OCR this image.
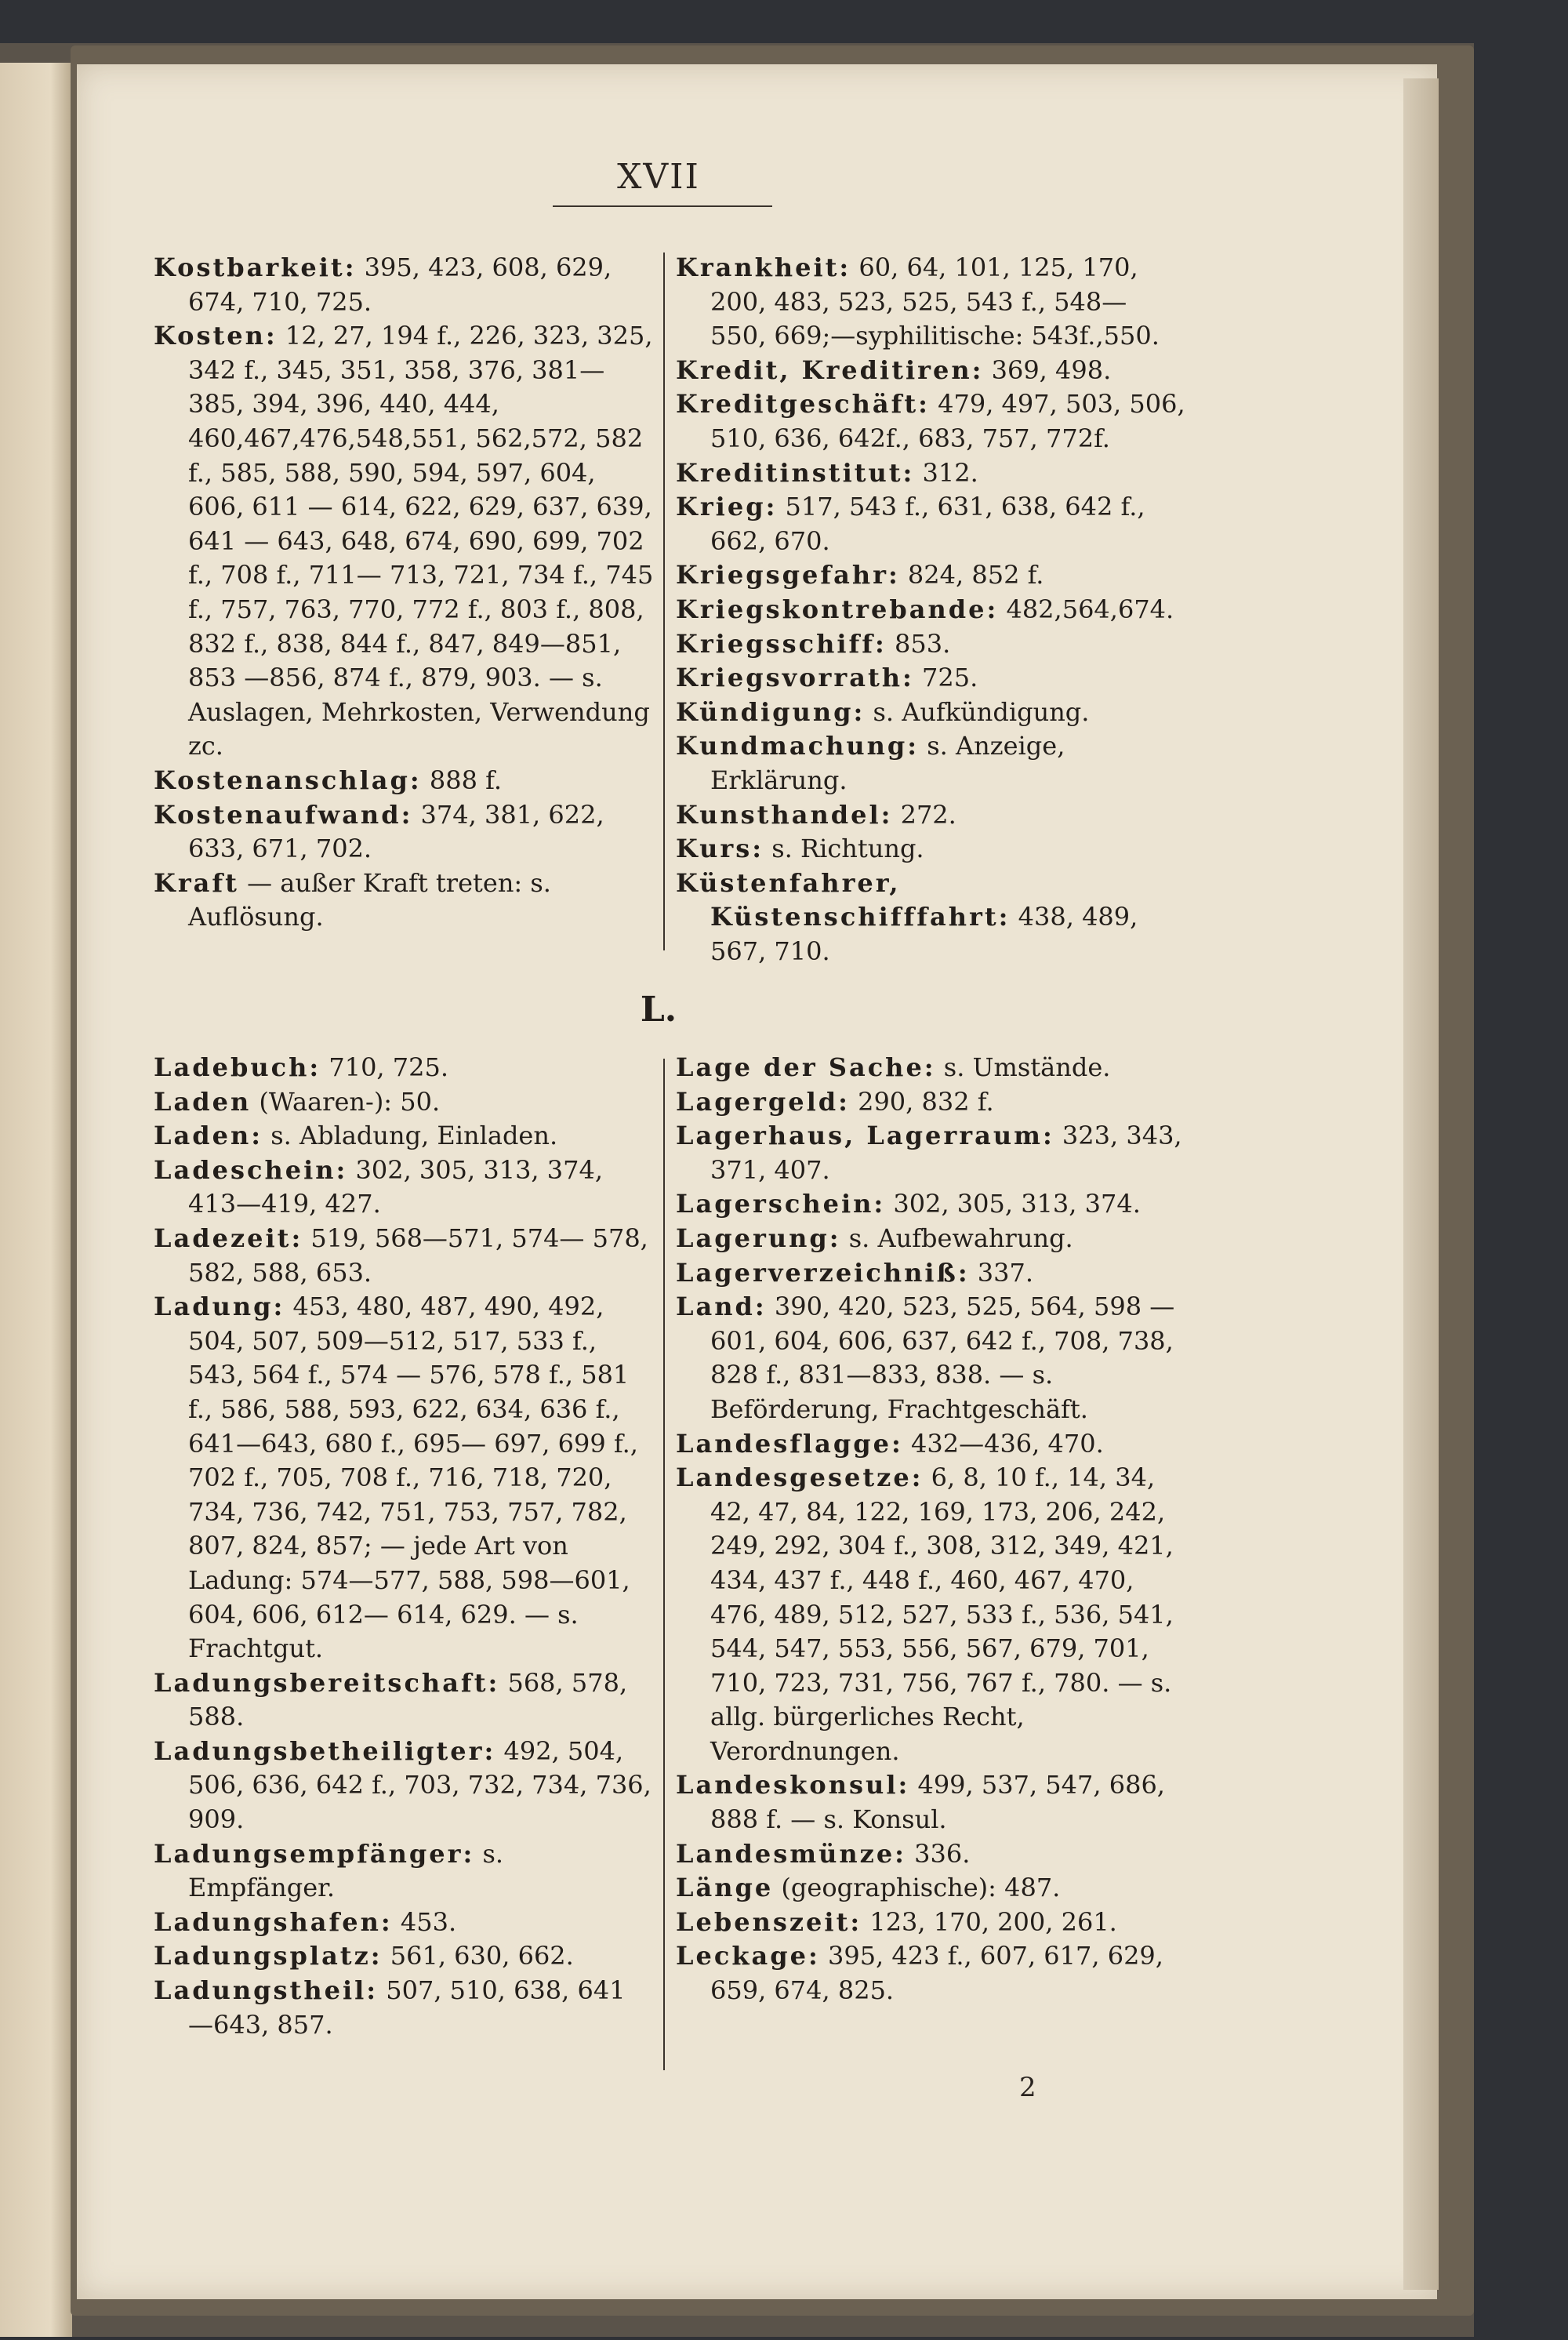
XVII

Kostbarkeit: 395, 423, 608, 629, 674, 710, 725.

Kosten: 12, 27, 194 f., 226, 323, 325, 342 f., 345, 351, 358, 376, 381—385, 394, 396, 440, 444, 460,467,476,548,551, 562,572, 582 f., 585, 588, 590, 594, 597, 604, 606, 611 — 614, 622, 629, 637, 639, 641 — 643, 648, 674, 690, 699, 702 f., 708 f., 711— 713, 721, 734 f., 745 f., 757, 763, 770, 772 f., 803 f., 808, 832 f., 838, 844 f., 847, 849—851, 853 —856, 874 f., 879, 903. — s. Auslagen, Mehrkosten, Verwendung zc.

Kostenanschlag: 888 f.

Kostenaufwand: 374, 381, 622, 633, 671, 702.

Kraft — außer Kraft treten: s. Auflösung.

Krankheit: 60, 64, 101, 125, 170, 200, 483, 523, 525, 543 f., 548— 550, 669;—syphilitische: 543f.,550.

Kredit, Kreditiren: 369, 498.

Kreditgeschäft: 479, 497, 503, 506, 510, 636, 642f., 683, 757, 772f.

Kreditinstitut: 312.

Krieg: 517, 543 f., 631, 638, 642 f., 662, 670.

Kriegsgefahr: 824, 852 f.

Kriegskontrebande: 482,564,674.

Kriegsschiff: 853.

Kriegsvorrath: 725.

Kündigung: s. Aufkündigung.

Kundmachung: s. Anzeige, Erklärung.

Kunsthandel: 272.

Kurs: s. Richtung.

Küstenfahrer, Küstenschifffahrt: 438, 489, 567, 710.

L.

Ladebuch: 710, 725.

Laden (Waaren-): 50.

Laden: s. Abladung, Einladen.

Ladeschein: 302, 305, 313, 374, 413—419, 427.

Ladezeit: 519, 568—571, 574— 578, 582, 588, 653.

Ladung: 453, 480, 487, 490, 492, 504, 507, 509—512, 517, 533 f., 543, 564 f., 574 — 576, 578 f., 581 f., 586, 588, 593, 622, 634, 636 f., 641—643, 680 f., 695— 697, 699 f., 702 f., 705, 708 f., 716, 718, 720, 734, 736, 742, 751, 753, 757, 782, 807, 824, 857; — jede Art von Ladung: 574—577, 588, 598—601, 604, 606, 612— 614, 629. — s. Frachtgut.

Ladungsbereitschaft: 568, 578, 588.

Ladungsbetheiligter: 492, 504, 506, 636, 642 f., 703, 732, 734, 736, 909.

Ladungsempfänger: s. Empfänger.

Ladungshafen: 453.

Ladungsplatz: 561, 630, 662.

Ladungstheil: 507, 510, 638, 641 —643, 857.

Lage der Sache: s. Umstände.

Lagergeld: 290, 832 f.

Lagerhaus, Lagerraum: 323, 343, 371, 407.

Lagerschein: 302, 305, 313, 374.

Lagerung: s. Aufbewahrung.

Lagerverzeichniß: 337.

Land: 390, 420, 523, 525, 564, 598 —601, 604, 606, 637, 642 f., 708, 738, 828 f., 831—833, 838. — s. Beförderung, Frachtgeschäft.

Landesflagge: 432—436, 470.

Landesgesetze: 6, 8, 10 f., 14, 34, 42, 47, 84, 122, 169, 173, 206, 242, 249, 292, 304 f., 308, 312, 349, 421, 434, 437 f., 448 f., 460, 467, 470, 476, 489, 512, 527, 533 f., 536, 541, 544, 547, 553, 556, 567, 679, 701, 710, 723, 731, 756, 767 f., 780. — s. allg. bürgerliches Recht, Verordnungen.

Landeskonsul: 499, 537, 547, 686, 888 f. — s. Konsul.

Landesmünze: 336.

Länge (geographische): 487.

Lebenszeit: 123, 170, 200, 261.

Leckage: 395, 423 f., 607, 617, 629, 659, 674, 825.

2
